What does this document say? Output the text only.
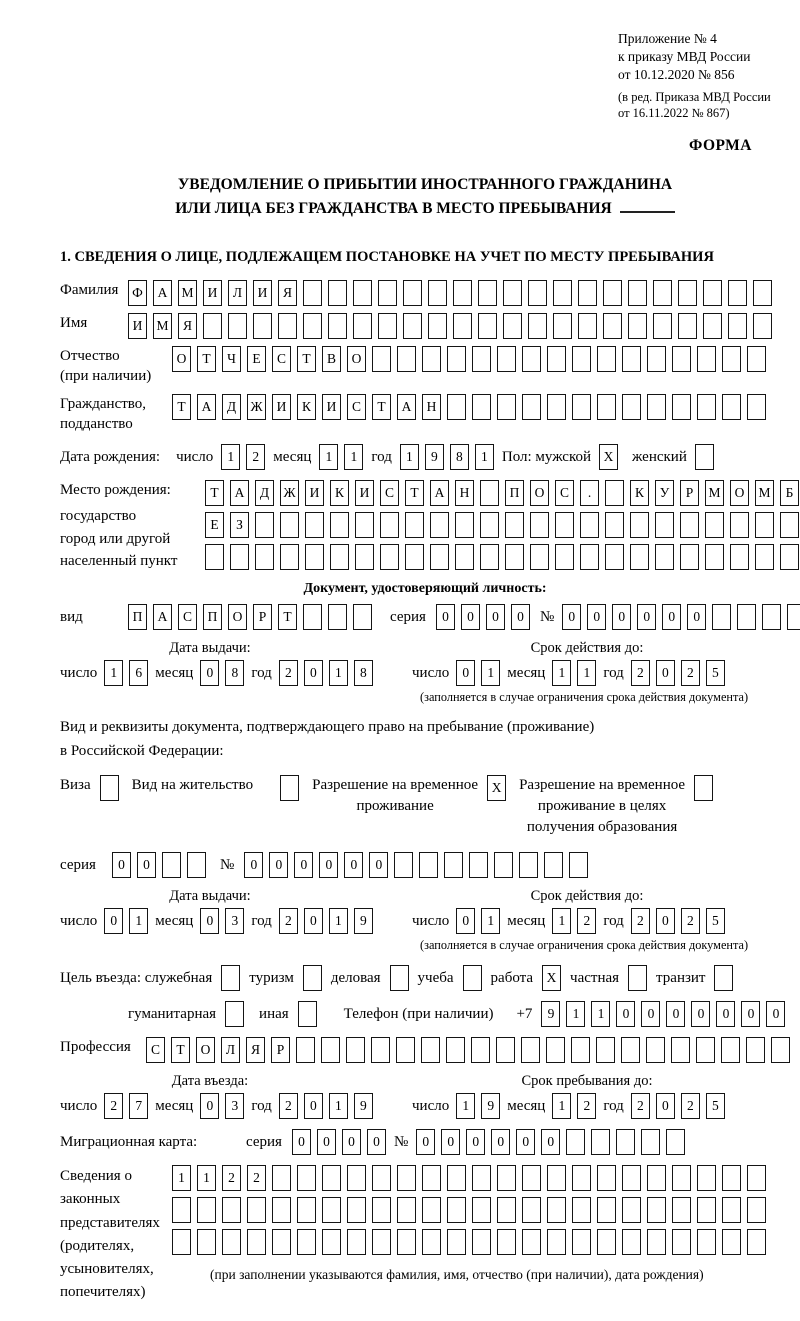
Приложение № 4
к приказу МВД России
от 10.12.2020 № 856
(в ред. Приказа МВД России
от 16.11.2022 № 867)
ФОРМА
УВЕДОМЛЕНИЕ О ПРИБЫТИИ ИНОСТРАННОГО ГРАЖДАНИНА
ИЛИ ЛИЦА БЕЗ ГРАЖДАНСТВА В МЕСТО ПРЕБЫВАНИЯ
1. СВЕДЕНИЯ О ЛИЦЕ, ПОДЛЕЖАЩЕМ ПОСТАНОВКЕ НА УЧЕТ ПО МЕСТУ ПРЕБЫВАНИЯ
Фамилия	Ф	А	М	И	Л	И	Я
Имя	И	М	Я
Отчество
(при наличии)
О	Т	Ч	Е	С	Т	В	О
Гражданство,
подданство
Т	А	Д	Ж	И	К	И	С	Т	А	Н
Дата рождения: число	1	2 месяц	1	1 год	1	9	8	1 Пол: мужской X	женский
Место рождения:
государство
город или другой
населенный пункт
Т	А	Д	Ж	И	К	И	С	Т	А	Н	П	О	С	.	К	У	Р	М	О	М	Б
Е	З
Документ, удостоверяющий личность:
вид	П	А	С	П	О	Р	Т	серия	0	0	0	0	№	0	0	0	0	0	0
Дата выдачи:
число 1	6 месяц 0	8 год 2	0	1	8
Срок действия до:
число 0	1 месяц 1	1 год 2	0	2	5
(заполняется в случае ограничения срока действия документа)
Вид и реквизиты документа, подтверждающего право на пребывание (проживание)
в Российской Федерации:
Виза	Вид на жительство	Разрешение на временное
проживание
X	Разрешение на временное
проживание в целях
получения образования
серия	0	0	№	0	0	0	0	0	0
Дата выдачи:
число 0	1 месяц 0	3 год 2	0	1	9
Срок действия до:
число 0	1 месяц 1	2 год 2	0	2	5
(заполняется в случае ограничения срока действия документа)
Цель въезда: служебная туризм деловая учеба работа	X частная транзит
гуманитарная	иная	Телефон (при наличии) +7	9	1	1	0	0	0	0	0	0	0
Профессия	С	Т	О	Л	Я	Р
Дата въезда:
число 2	7 месяц 0	3 год 2	0	1	9
Срок пребывания до:
число 1	9 месяц 1	2 год 2	0	2	5
Миграционная карта:	серия	0	0	0	0 №	0	0	0	0	0	0
Сведения о
законных
представителях
(родителях,
усыновителях,
попечителях)
1	1	2	2
(при заполнении указываются фамилия, имя, отчество (при наличии), дата рождения)
